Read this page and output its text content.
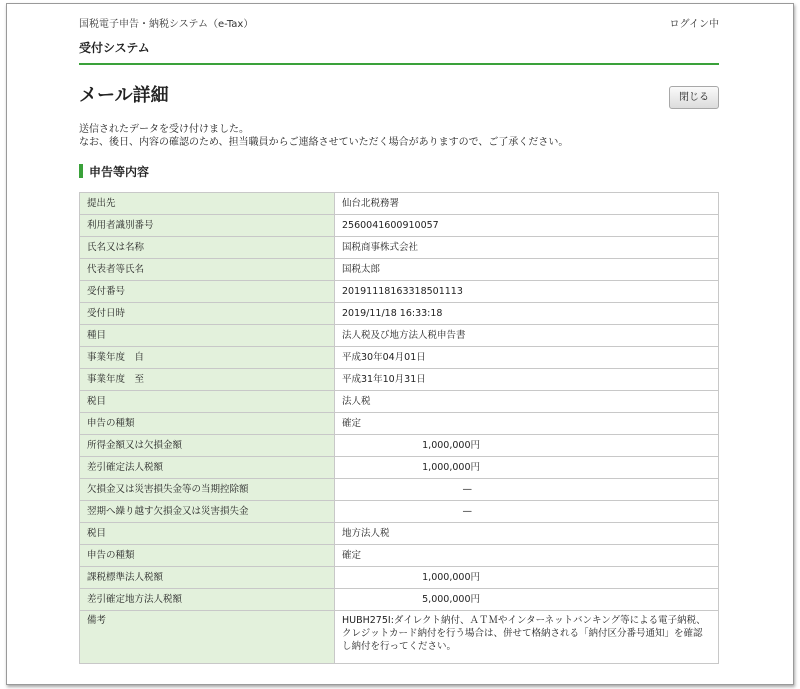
国税電子申告・納税システム（e-Tax）	ログイン中
受付システム
メール詳細	閉じる
送信されたデータを受け付けました。
なお、後日、内容の確認のため、担当職員からご連絡させていただく場合がありますので、ご了承ください。
申告等内容
提出先	仙台北税務署
利用者識別番号	2560041600910057
氏名又は名称	国税商事株式会社
代表者等氏名	国税太郎
受付番号	20191118163318501113
受付日時	2019/11/18 16:33:18
種目	法人税及び地方法人税申告書
事業年度　自	平成30年04月01日
事業年度　至	平成31年10月31日
税目	法人税
申告の種類	確定
所得金額又は欠損金額	1,000,000円
差引確定法人税額	1,000,000円
欠損金又は災害損失金等の当期控除額	—
翌期へ繰り越す欠損金又は災害損失金	—
税目	地方法人税
申告の種類	確定
課税標準法人税額	1,000,000円
差引確定地方法人税額	5,000,000円
備考	HUBH275I:ダイレクト納付、ＡＴＭやインターネットバンキング等による電子納税、クレジットカード納付を行う場合は、併せて格納される「納付区分番号通知」を確認し納付を行ってください。
